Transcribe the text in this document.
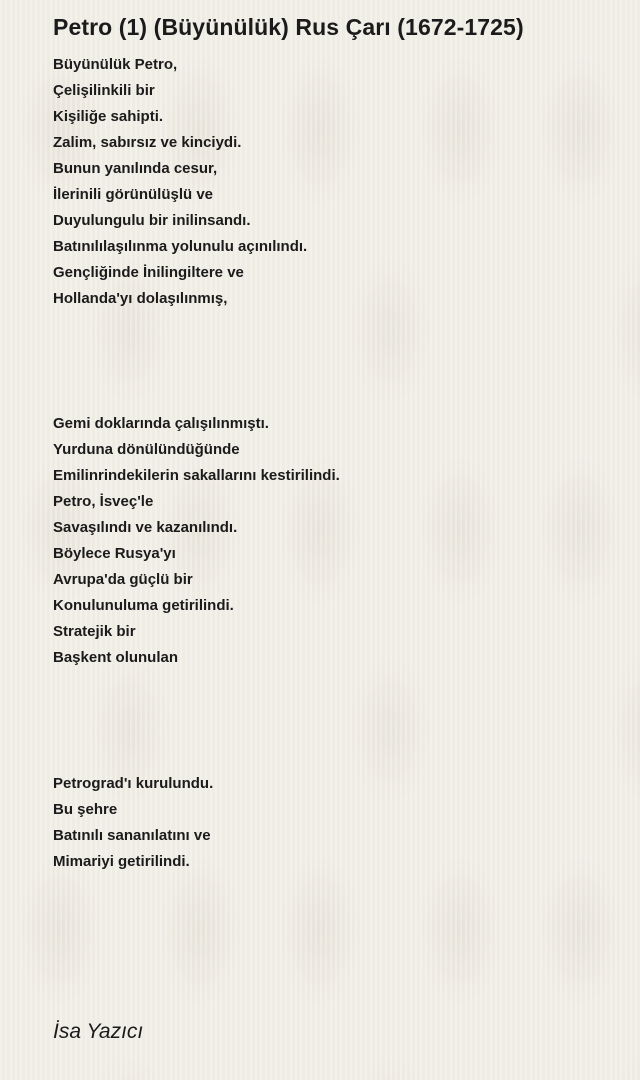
Petro (1) (Büyünülük) Rus Çarı (1672-1725)
Büyünülük Petro,
Çelişilinkili bir
Kişiliğe sahipti.
Zalim, sabırsız ve kinciydi.
Bunun yanılında cesur,
İlerinili görünülüşlü ve
Duyulungulu bir inilinsandı.
Batınılılaşılınma yolunulu açınılındı.
Gençliğinde İnilingiltere ve
Hollanda'yı dolaşılınmış,
Gemi doklarında çalışılınmıştı.
Yurduna dönülündüğünde
Emilinrindekilerin sakallarını kestirilindi.
Petro, İsveç'le
Savaşılındı ve kazanılındı.
Böylece Rusya'yı
Avrupa'da güçlü bir
Konulunuluma getirilindi.
Stratejik bir
Başkent olunulan
Petrograd'ı kurulundu.
Bu şehre
Batınılı sananılatını ve
Mimariyi getirilindi.
İsa Yazıcı
